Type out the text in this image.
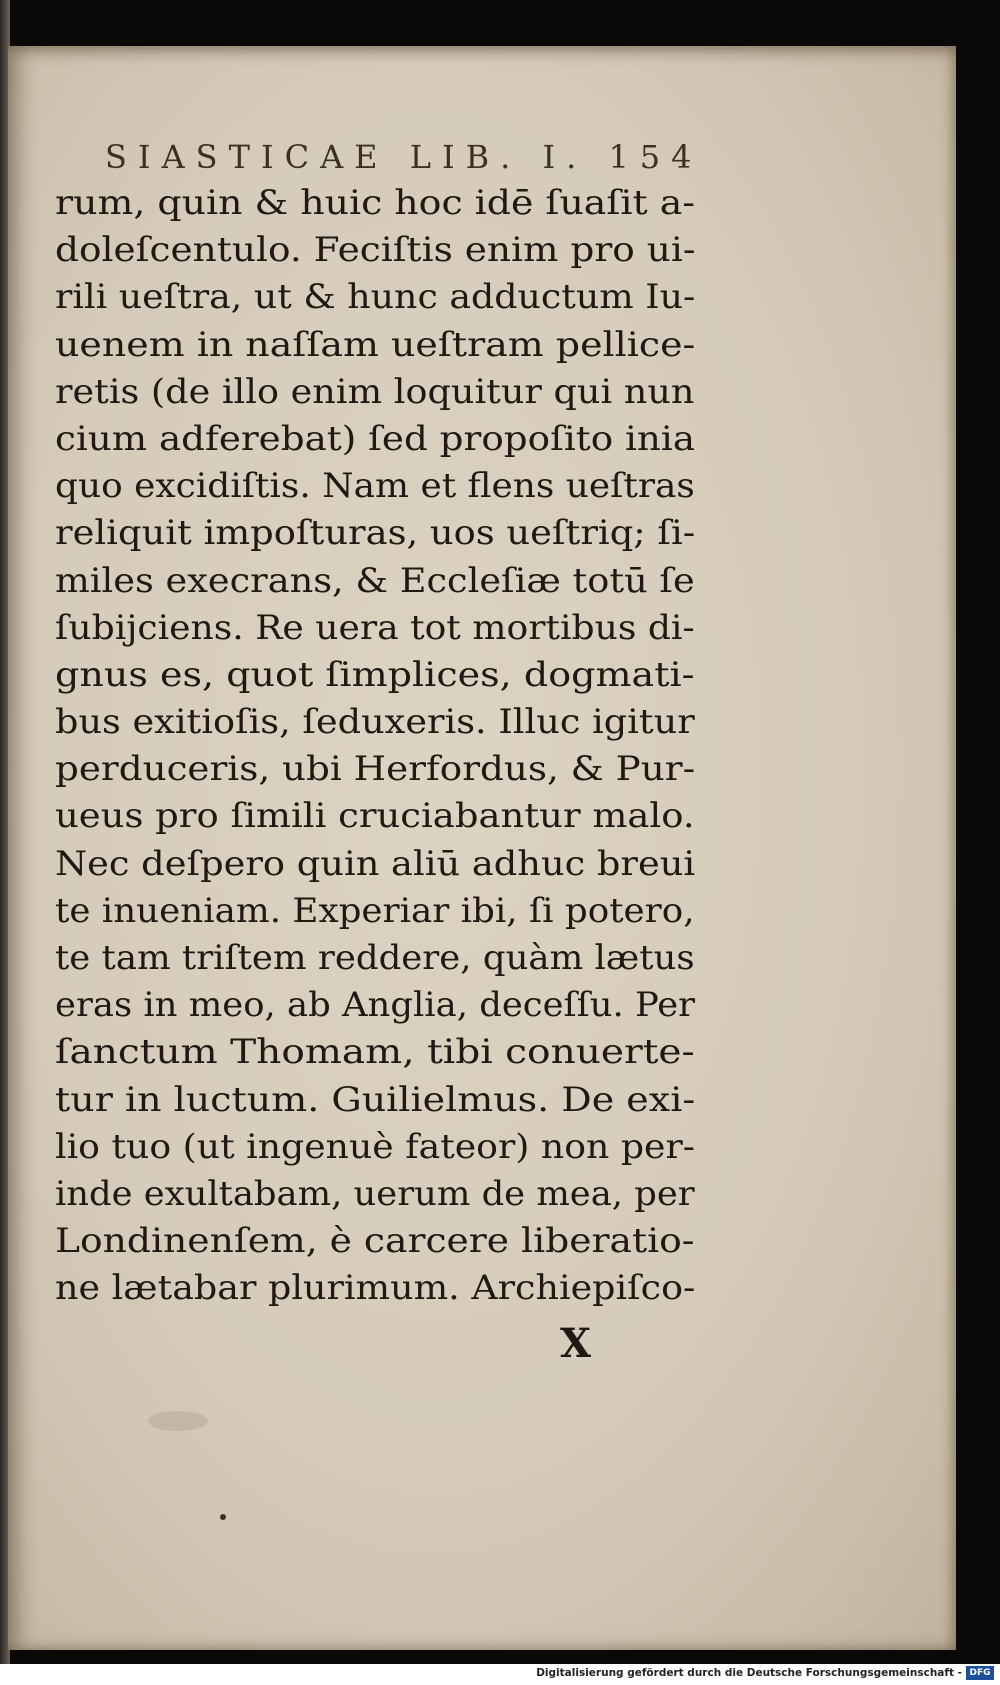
SIASTICAE LIB. I. 154
rum, quin & huic hoc idē ſuaſit a-
doleſcentulo. Feciſtis enim pro ui-
rili ueſtra, ut & hunc adductum Iu-
uenem in naſſam ueſtram pellice-
retis (de illo enim loquitur qui nun
cium adferebat) ſed propoſito inia
quo excidiſtis. Nam et flens ueſtras
reliquit impoſturas, uos ueſtriq; ſi-
miles execrans, & Eccleſiæ totū ſe
ſubijciens. Re uera tot mortibus di-
gnus es, quot ſimplices, dogmati-
bus exitioſis, ſeduxeris. Illuc igitur
perduceris, ubi Herfordus, & Pur-
ueus pro ſimili cruciabantur malo.
Nec deſpero quin aliū adhuc breui
te inueniam. Experiar ibi, ſi potero,
te tam triſtem reddere, quàm lætus
eras in meo, ab Anglia, deceſſu. Per
ſanctum Thomam, tibi conuerte-
tur in luctum. Guilielmus. De exi-
lio tuo (ut ingenuè fateor) non per-
inde exultabam, uerum de mea, per
Londinenſem, è carcere liberatio-
ne lætabar plurimum. Archiepiſco-
X
Digitalisierung gefördert durch die Deutsche Forschungsgemeinschaft - DFG
